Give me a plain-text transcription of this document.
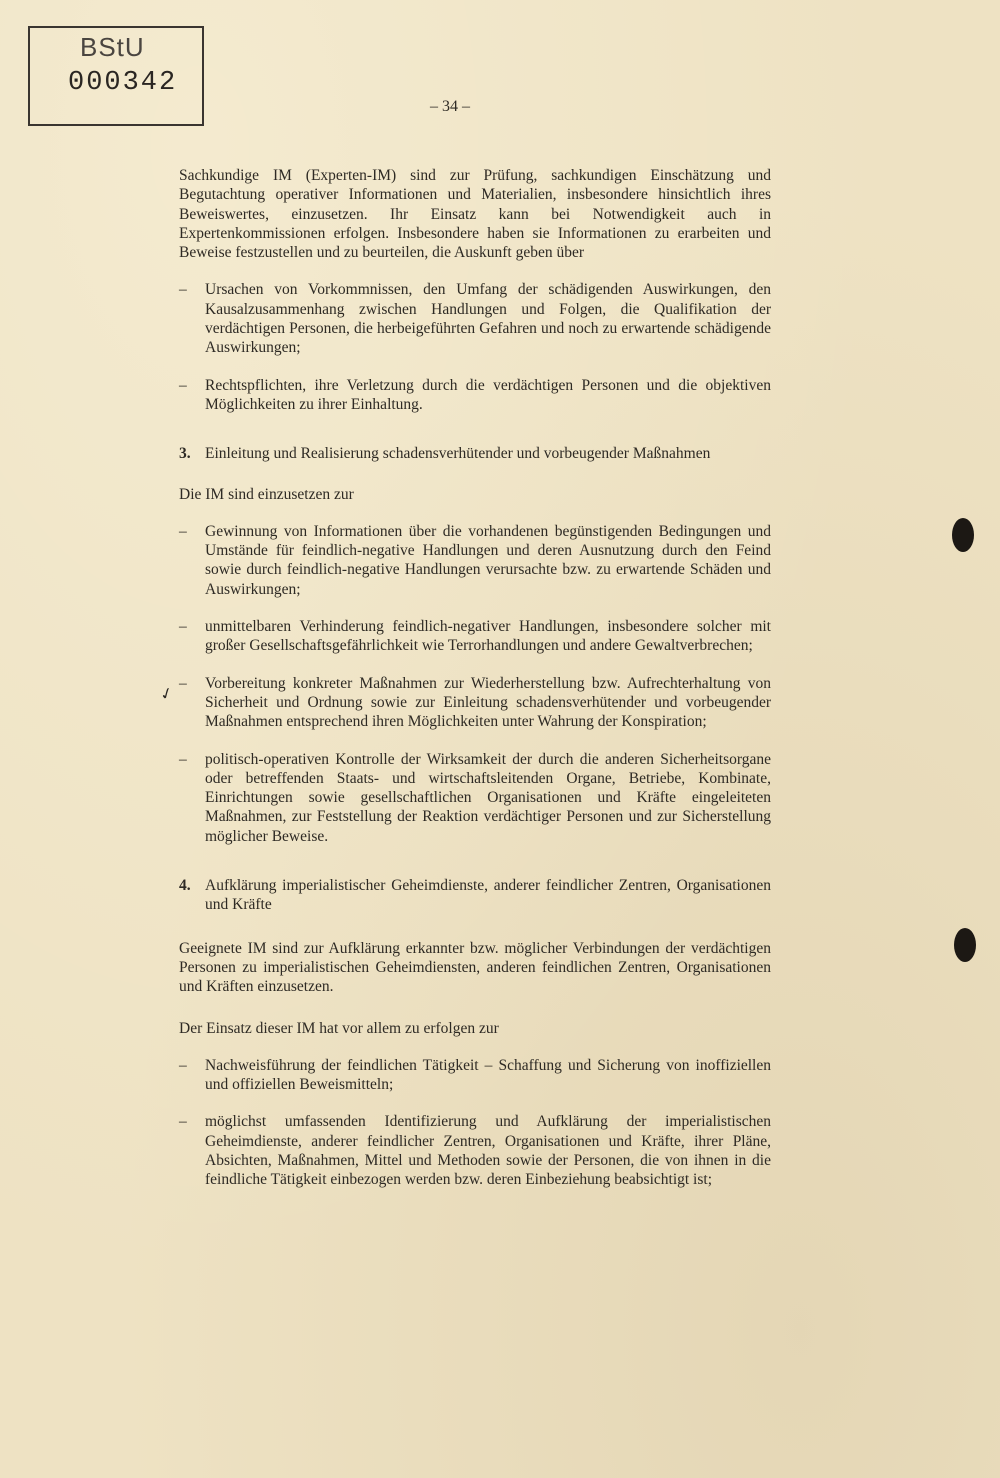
BStU
000342
– 34 –
✓

Sachkundige IM (Experten-IM) sind zur Prüfung, sachkundigen Einschätzung und Begutachtung operativer Informationen und Materialien, insbesondere hinsichtlich ihres Beweiswertes, einzusetzen. Ihr Einsatz kann bei Notwendigkeit auch in Expertenkommissionen erfolgen. Insbesondere haben sie Informationen zu erarbeiten und Beweise festzustellen und zu beurteilen, die Auskunft geben über

–	Ursachen von Vorkommnissen, den Umfang der schädigenden Auswirkungen, den Kausalzusammenhang zwischen Handlungen und Folgen, die Qualifikation der verdächtigen Personen, die herbeigeführten Gefahren und noch zu erwartende schädigende Auswirkungen;
–	Rechtspflichten, ihre Verletzung durch die verdächtigen Personen und die objektiven Möglichkeiten zu ihrer Einhaltung.
3. Einleitung und Realisierung schadensverhütender und vorbeugender Maßnahmen

Die IM sind einzusetzen zur

–	Gewinnung von Informationen über die vorhandenen begünstigenden Bedingungen und Umstände für feindlich-negative Handlungen und deren Ausnutzung durch den Feind sowie durch feindlich-negative Handlungen verursachte bzw. zu erwartende Schäden und Auswirkungen;
–	unmittelbaren Verhinderung feindlich-negativer Handlungen, insbesondere solcher mit großer Gesellschaftsgefährlichkeit wie Terrorhandlungen und andere Gewaltverbrechen;
–	Vorbereitung konkreter Maßnahmen zur Wiederherstellung bzw. Aufrechterhaltung von Sicherheit und Ordnung sowie zur Einleitung schadensverhütender und vorbeugender Maßnahmen entsprechend ihren Möglichkeiten unter Wahrung der Konspiration;
–	politisch-operativen Kontrolle der Wirksamkeit der durch die anderen Sicherheitsorgane oder betreffenden Staats- und wirtschaftsleitenden Organe, Betriebe, Kombinate, Einrichtungen sowie gesellschaftlichen Organisationen und Kräfte eingeleiteten Maßnahmen, zur Feststellung der Reaktion verdächtiger Personen und zur Sicherstellung möglicher Beweise.
4. Aufklärung imperialistischer Geheimdienste, anderer feindlicher Zentren, Organisationen und Kräfte

Geeignete IM sind zur Aufklärung erkannter bzw. möglicher Verbindungen der verdächtigen Personen zu imperialistischen Geheimdiensten, anderen feindlichen Zentren, Organisationen und Kräften einzusetzen.

Der Einsatz dieser IM hat vor allem zu erfolgen zur

–	Nachweisführung der feindlichen Tätigkeit – Schaffung und Sicherung von inoffiziellen und offiziellen Beweismitteln;
–	möglichst umfassenden Identifizierung und Aufklärung der imperialistischen Geheimdienste, anderer feindlicher Zentren, Organisationen und Kräfte, ihrer Pläne, Absichten, Maßnahmen, Mittel und Methoden sowie der Personen, die von ihnen in die feindliche Tätigkeit einbezogen werden bzw. deren Einbeziehung beabsichtigt ist;
